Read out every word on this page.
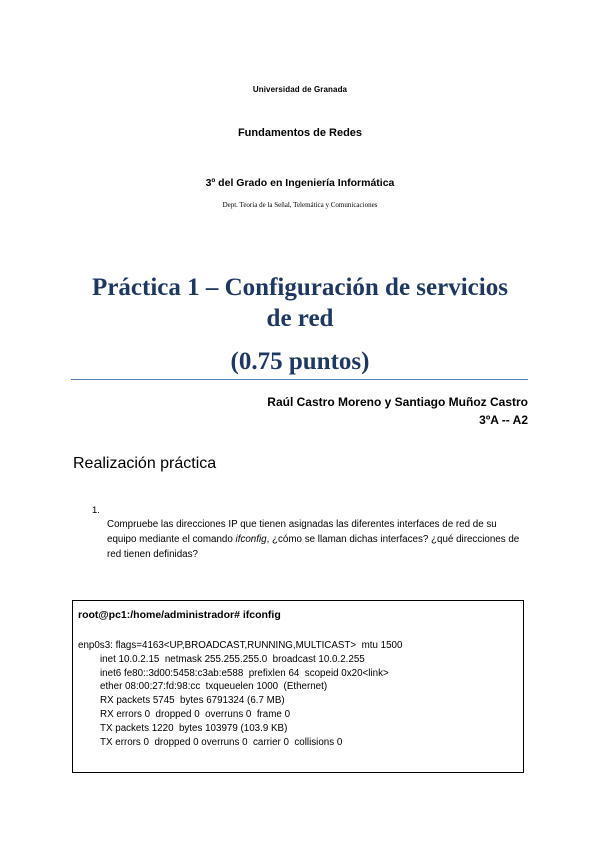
Universidad de Granada
Fundamentos de Redes
3º del Grado en Ingeniería Informática
Dept. Teoría de la Señal, Telemática y Comunicaciones
Práctica 1 – Configuración de servicios
de red
(0.75 puntos)
Raúl Castro Moreno y Santiago Muñoz Castro
3ºA -- A2
Realización práctica
1.
Compruebe las direcciones IP que tienen asignadas las diferentes interfaces de red de su equipo mediante el comando ifconfig, ¿cómo se llaman dichas interfaces? ¿qué direcciones de red tienen definidas?
root@pc1:/home/administrador# ifconfig
enp0s3: flags=4163<UP,BROADCAST,RUNNING,MULTICAST>  mtu 1500
inet 10.0.2.15  netmask 255.255.255.0  broadcast 10.0.2.255
inet6 fe80::3d00:5458:c3ab:e588  prefixlen 64  scopeid 0x20<link>
ether 08:00:27:fd:98:cc  txqueuelen 1000  (Ethernet)
RX packets 5745  bytes 6791324 (6.7 MB)
RX errors 0  dropped 0  overruns 0  frame 0
TX packets 1220  bytes 103979 (103.9 KB)
TX errors 0  dropped 0 overruns 0  carrier 0  collisions 0
